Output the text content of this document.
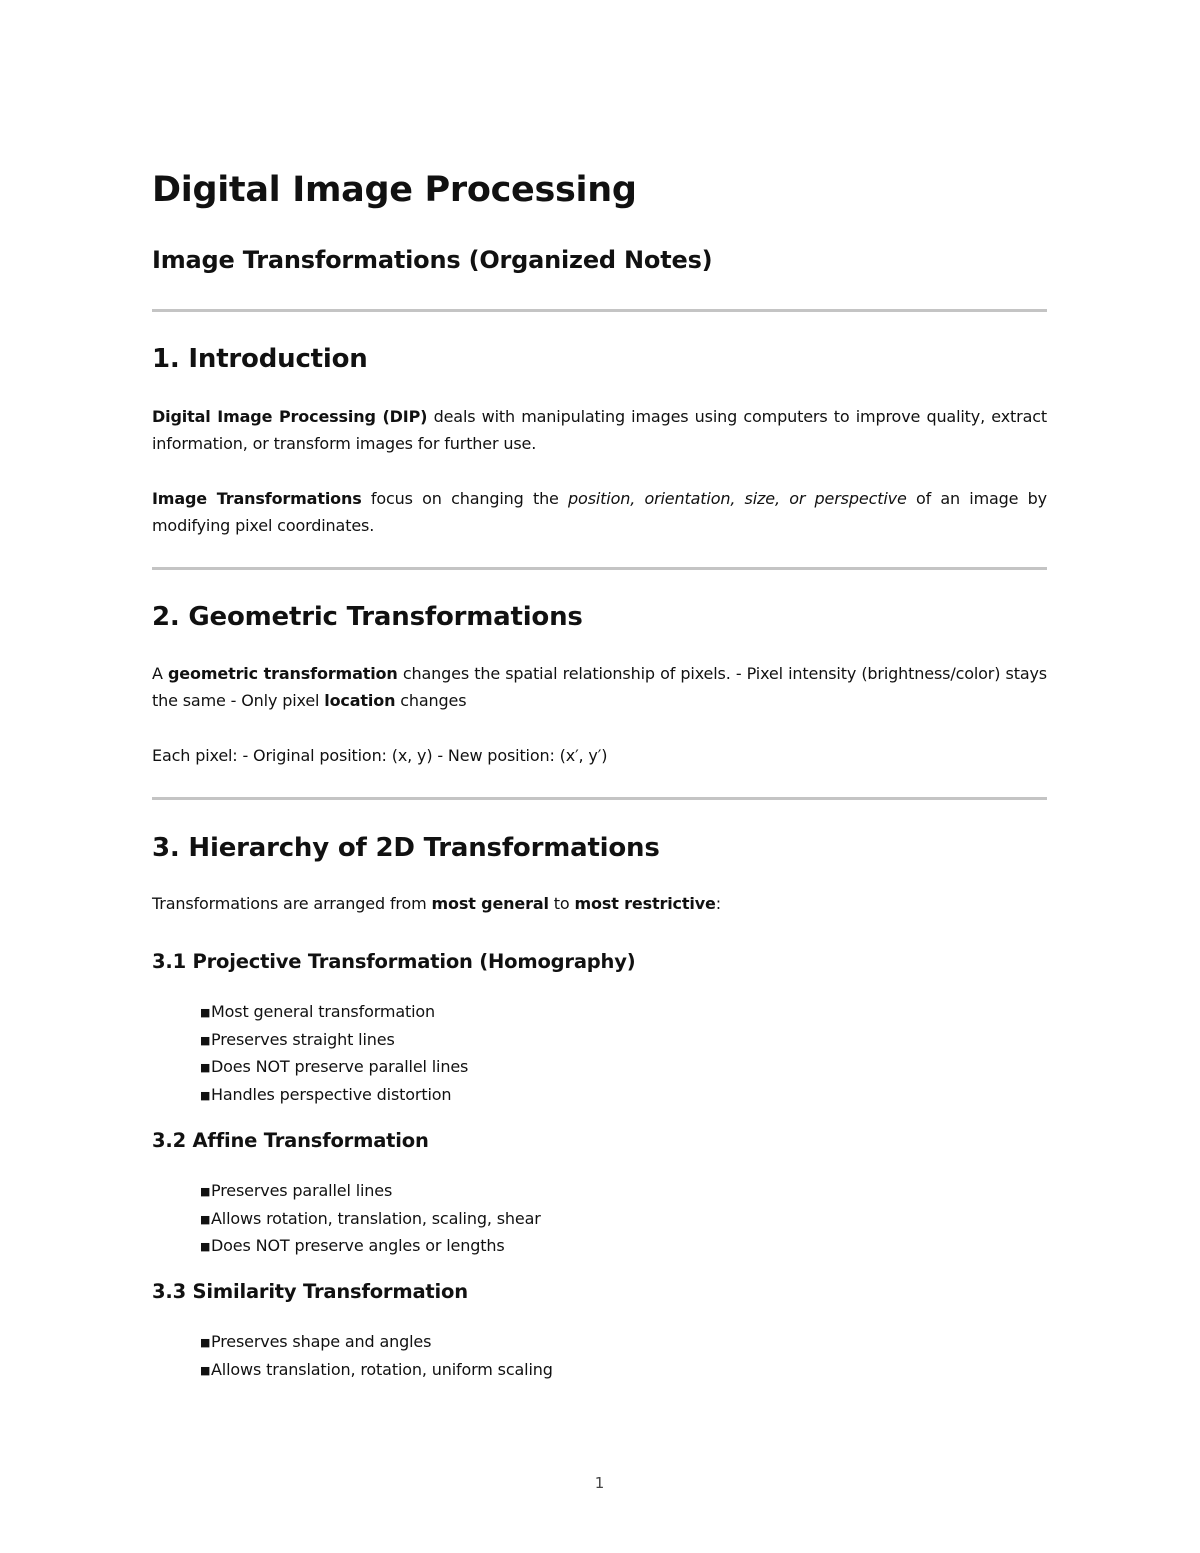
Digital Image Processing
Image Transformations (Organized Notes)
1. Introduction

Digital Image Processing (DIP) deals with manipulating images using computers to improve quality, extract information, or transform images for further use.

Image Transformations focus on changing the position, orientation, size, or perspective of an image by modifying pixel coordinates.

2. Geometric Transformations

A geometric transformation changes the spatial relationship of pixels. - Pixel intensity (brightness/color) stays the same - Only pixel location changes

Each pixel: - Original position: (x, y) - New position: (x′, y′)

3. Hierarchy of 2D Transformations

Transformations are arranged from most general to most restrictive:

3.1 Projective Transformation (Homography)
■Most general transformation
■Preserves straight lines
■Does NOT preserve parallel lines
■Handles perspective distortion
3.2 Affine Transformation
■Preserves parallel lines
■Allows rotation, translation, scaling, shear
■Does NOT preserve angles or lengths
3.3 Similarity Transformation
■Preserves shape and angles
■Allows translation, rotation, uniform scaling
1
